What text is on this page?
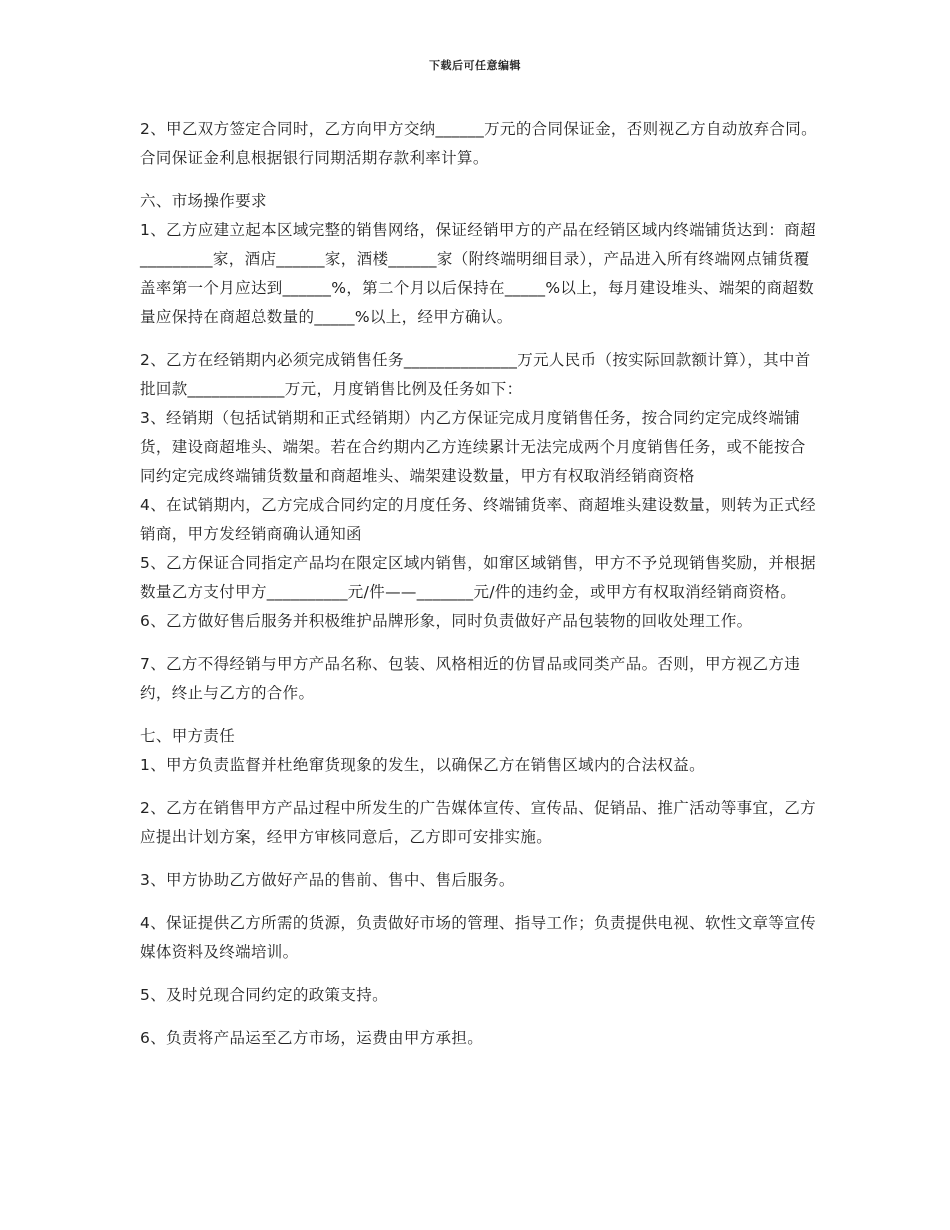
下载后可任意编辑

2、甲乙双方签定合同时，乙方向甲方交纳______万元的合同保证金，否则视乙方自动放弃合同。合同保证金利息根据银行同期活期存款利率计算。

六、市场操作要求

1、乙方应建立起本区域完整的销售网络，保证经销甲方的产品在经销区域内终端铺货达到：商超_________家，酒店______家，酒楼______家（附终端明细目录），产品进入所有终端网点铺货覆盖率第一个月应达到______%，第二个月以后保持在_____%以上，每月建设堆头、端架的商超数量应保持在商超总数量的_____%以上，经甲方确认。

2、乙方在经销期内必须完成销售任务______________万元人民币（按实际回款额计算），其中首批回款____________万元，月度销售比例及任务如下：

3、经销期（包括试销期和正式经销期）内乙方保证完成月度销售任务，按合同约定完成终端铺货，建设商超堆头、端架。若在合约期内乙方连续累计无法完成两个月度销售任务，或不能按合同约定完成终端铺货数量和商超堆头、端架建设数量，甲方有权取消经销商资格

4、在试销期内，乙方完成合同约定的月度任务、终端铺货率、商超堆头建设数量，则转为正式经销商，甲方发经销商确认通知函

5、乙方保证合同指定产品均在限定区域内销售，如窜区域销售，甲方不予兑现销售奖励，并根据数量乙方支付甲方__________元/件——_______元/件的违约金，或甲方有权取消经销商资格。6、乙方做好售后服务并积极维护品牌形象，同时负责做好产品包装物的回收处理工作。

7、乙方不得经销与甲方产品名称、包装、风格相近的仿冒品或同类产品。否则，甲方视乙方违约，终止与乙方的合作。

七、甲方责任

1、甲方负责监督并杜绝窜货现象的发生，以确保乙方在销售区域内的合法权益。

2、乙方在销售甲方产品过程中所发生的广告媒体宣传、宣传品、促销品、推广活动等事宜，乙方应提出计划方案，经甲方审核同意后，乙方即可安排实施。

3、甲方协助乙方做好产品的售前、售中、售后服务。

4、保证提供乙方所需的货源，负责做好市场的管理、指导工作；负责提供电视、软性文章等宣传媒体资料及终端培训。

5、及时兑现合同约定的政策支持。

6、负责将产品运至乙方市场，运费由甲方承担。
